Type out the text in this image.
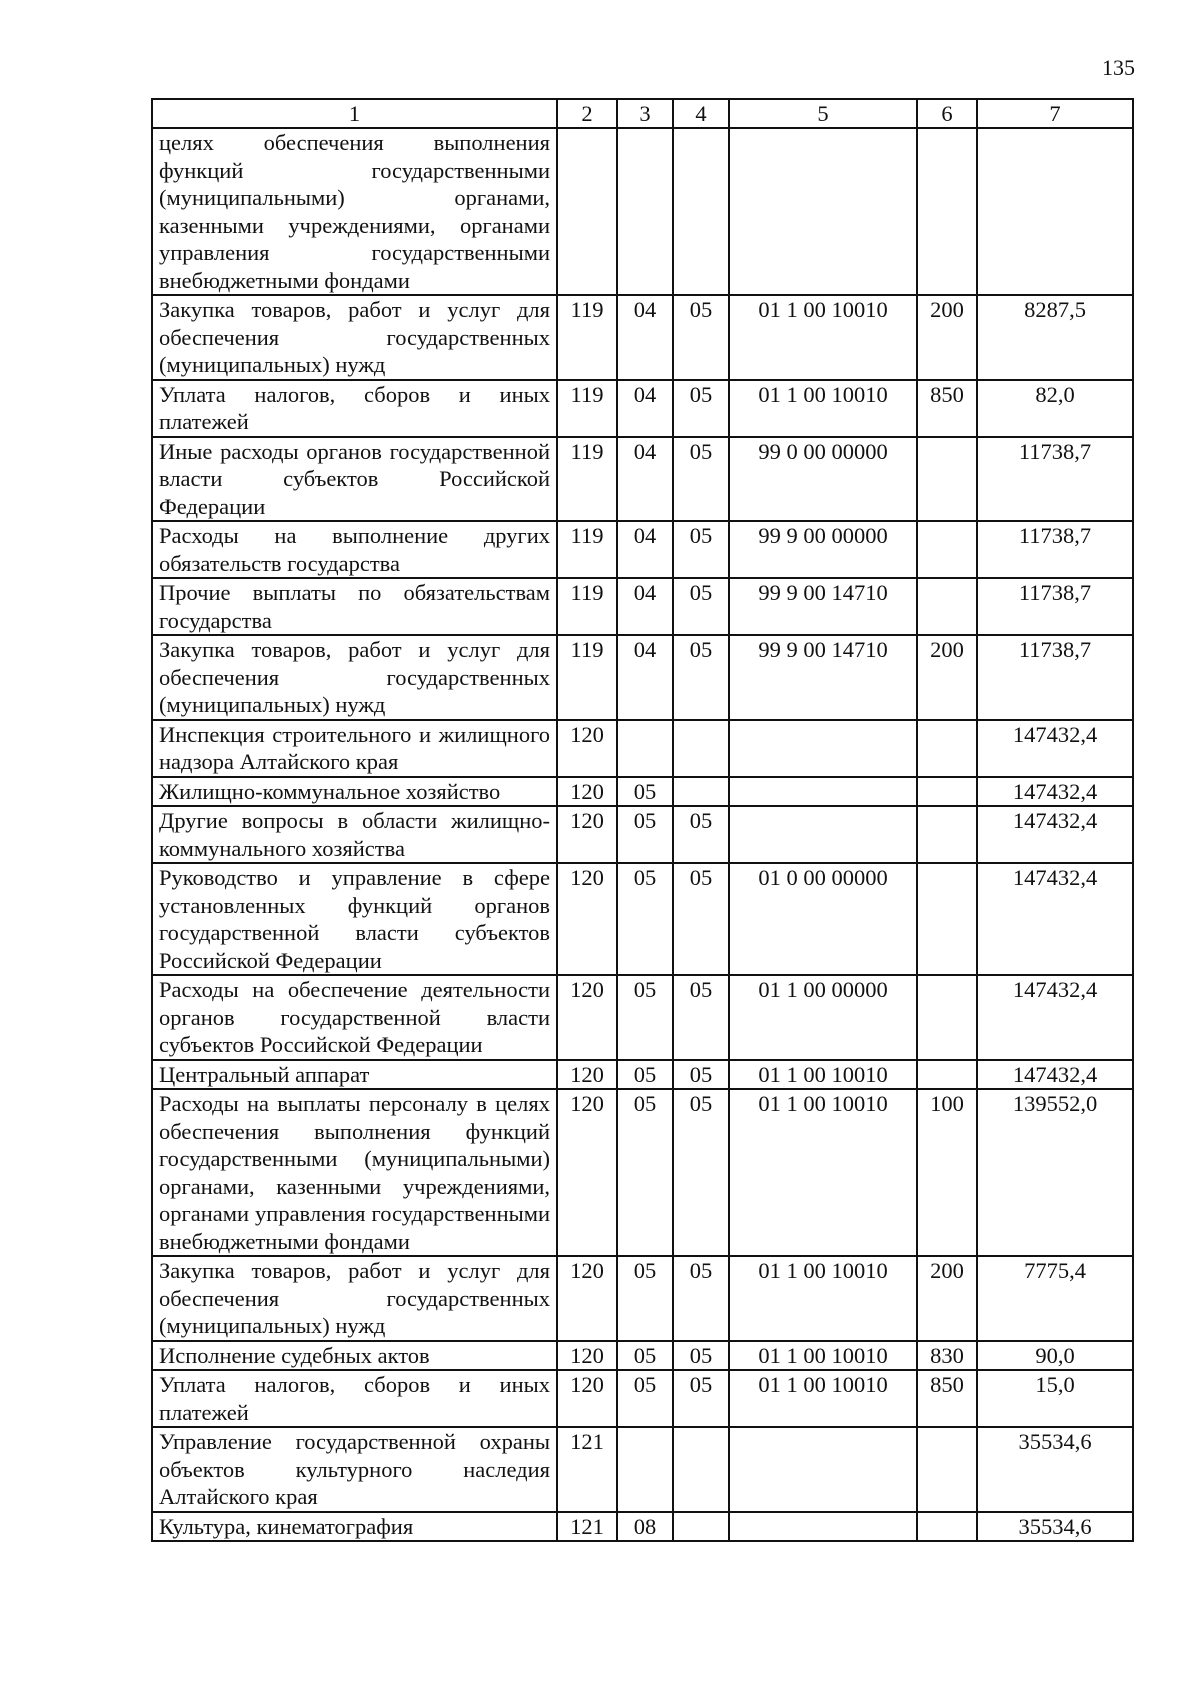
135
1	2	3	4	5	6	7
целях обеспечения выполнения функций государственными (муниципальными) органами, казенными учреждениями, органами управления государственными внебюджетными фондами						
Закупка товаров, работ и услуг для обеспечения государственных (муниципальных) нужд	119	04	05	01 1 00 10010	200	8287,5
Уплата налогов, сборов и иных платежей	119	04	05	01 1 00 10010	850	82,0
Иные расходы органов государственной власти субъектов Российской Федерации	119	04	05	99 0 00 00000		11738,7
Расходы на выполнение других обязательств государства	119	04	05	99 9 00 00000		11738,7
Прочие выплаты по обязательствам государства	119	04	05	99 9 00 14710		11738,7
Закупка товаров, работ и услуг для обеспечения государственных (муниципальных) нужд	119	04	05	99 9 00 14710	200	11738,7
Инспекция строительного и жилищного надзора Алтайского края	120					147432,4
Жилищно-коммунальное хозяйство	120	05				147432,4
Другие вопросы в области жилищно-коммунального хозяйства	120	05	05			147432,4
Руководство и управление в сфере установленных функций органов государственной власти субъектов Российской Федерации	120	05	05	01 0 00 00000		147432,4
Расходы на обеспечение деятельности органов государственной власти субъектов Российской Федерации	120	05	05	01 1 00 00000		147432,4
Центральный аппарат	120	05	05	01 1 00 10010		147432,4
Расходы на выплаты персоналу в целях обеспечения выполнения функций государственными (муниципальными) органами, казенными учреждениями, органами управления государственными внебюджетными фондами	120	05	05	01 1 00 10010	100	139552,0
Закупка товаров, работ и услуг для обеспечения государственных (муниципальных) нужд	120	05	05	01 1 00 10010	200	7775,4
Исполнение судебных актов	120	05	05	01 1 00 10010	830	90,0
Уплата налогов, сборов и иных платежей	120	05	05	01 1 00 10010	850	15,0
Управление государственной охраны объектов культурного наследия Алтайского края	121					35534,6
Культура, кинематография	121	08				35534,6
